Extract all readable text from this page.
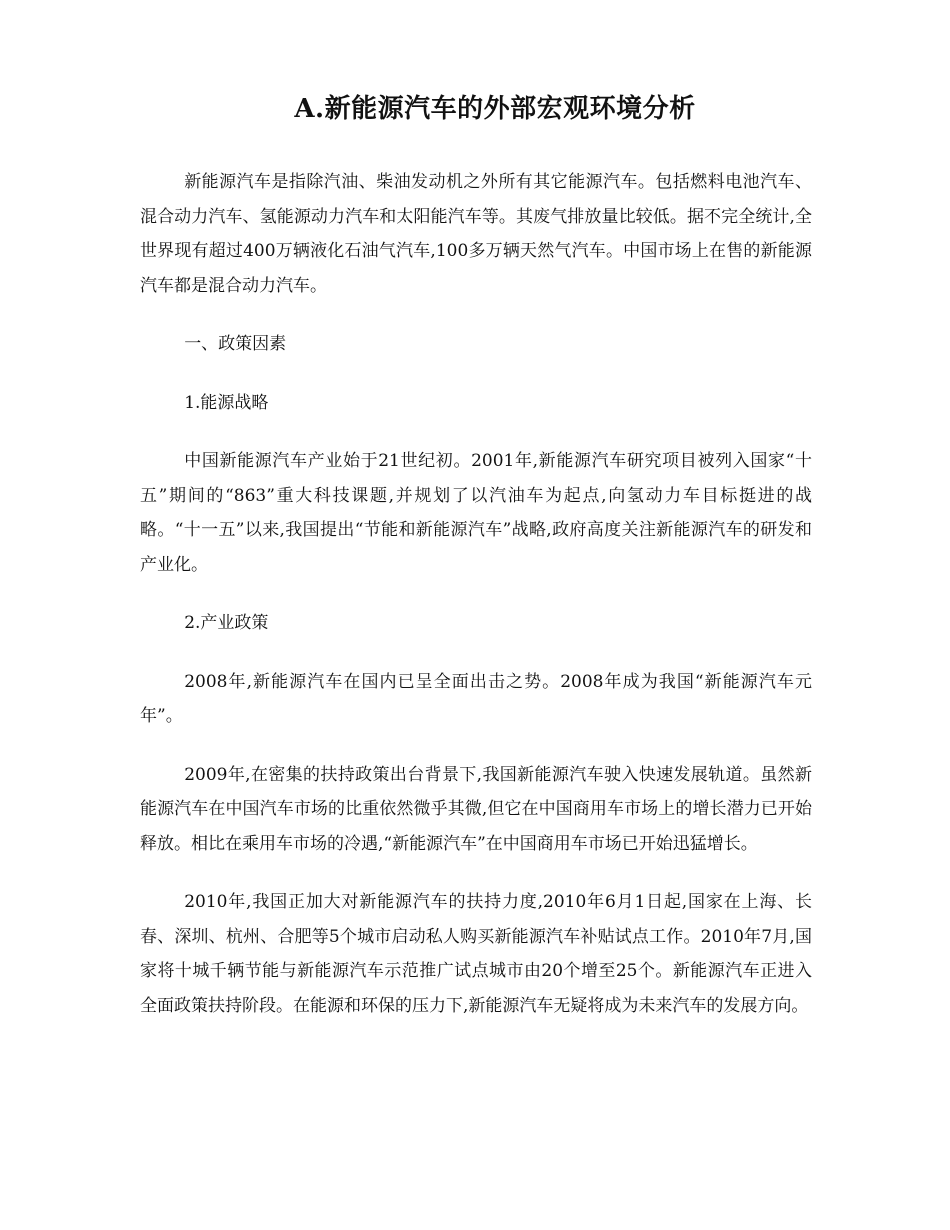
A.新能源汽车的外部宏观环境分析

新能源汽车是指除汽油、柴油发动机之外所有其它能源汽车。包括燃料电池汽车、混合动力汽车、氢能源动力汽车和太阳能汽车等。其废气排放量比较低。据不完全统计,全世界现有超过400万辆液化石油气汽车,100多万辆天然气汽车。中国市场上在售的新能源汽车都是混合动力汽车。

一、政策因素

1.能源战略

中国新能源汽车产业始于21世纪初。2001年,新能源汽车研究项目被列入国家“十五”期间的“863”重大科技课题,并规划了以汽油车为起点,向氢动力车目标挺进的战略。“十一五”以来,我国提出“节能和新能源汽车”战略,政府高度关注新能源汽车的研发和产业化。

2.产业政策

2008年,新能源汽车在国内已呈全面出击之势。2008年成为我国“新能源汽车元年”。

2009年,在密集的扶持政策出台背景下,我国新能源汽车驶入快速发展轨道。虽然新能源汽车在中国汽车市场的比重依然微乎其微,但它在中国商用车市场上的增长潜力已开始释放。相比在乘用车市场的冷遇,“新能源汽车”在中国商用车市场已开始迅猛增长。

2010年,我国正加大对新能源汽车的扶持力度,2010年6月1日起,国家在上海、长春、深圳、杭州、合肥等5个城市启动私人购买新能源汽车补贴试点工作。2010年7月,国家将十城千辆节能与新能源汽车示范推广试点城市由20个增至25个。新能源汽车正进入全面政策扶持阶段。在能源和环保的压力下,新能源汽车无疑将成为未来汽车的发展方向。
